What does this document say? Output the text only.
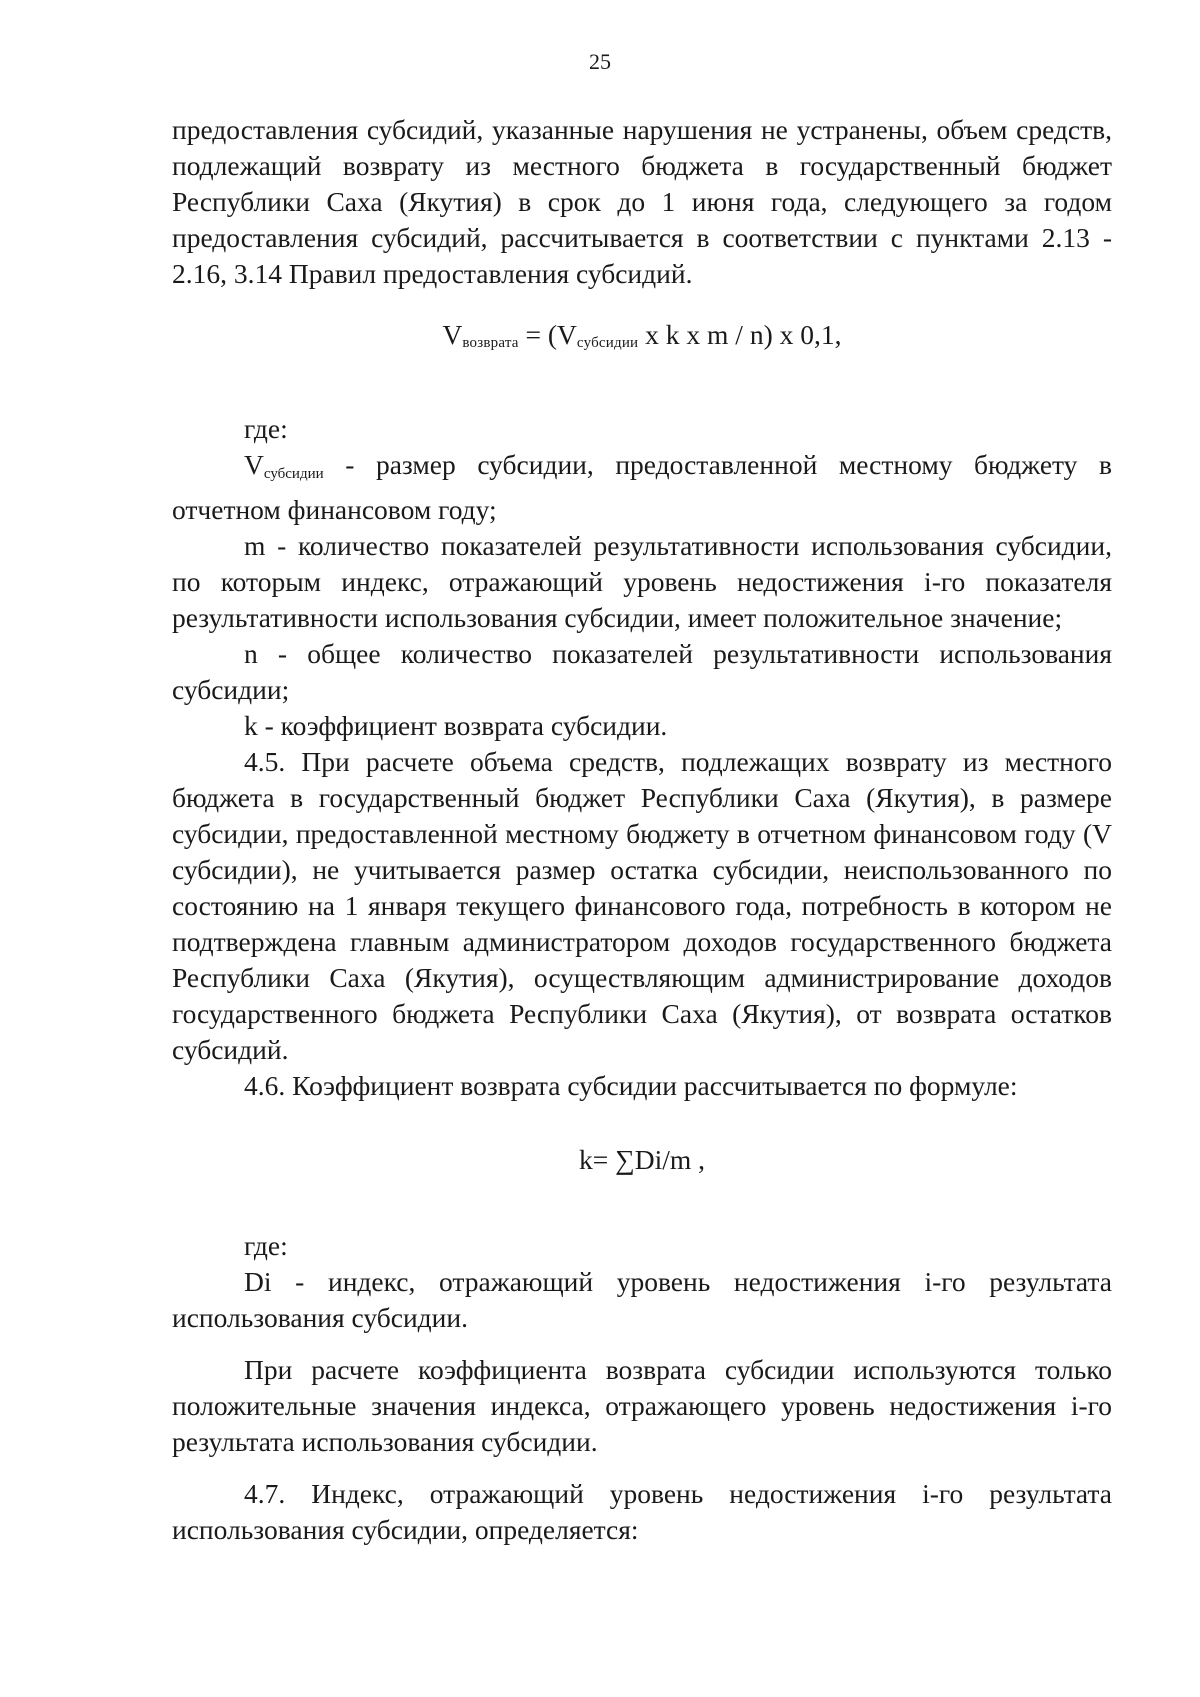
25

предоставления субсидий, указанные нарушения не устранены, объем средств, подлежащий возврату из местного бюджета в государственный бюджет Республики Саха (Якутия) в срок до 1 июня года, следующего за годом предоставления субсидий, рассчитывается в соответствии с пунктами 2.13 - 2.16, 3.14 Правил предоставления субсидий.

$V_{возврата} = (V_{субсидии}$ x k x m / n) x 0,1,

где:

Vсубсидии - размер субсидии, предоставленной местному бюджету в отчетном финансовом году;

m - количество показателей результативности использования субсидии, по которым индекс, отражающий уровень недостижения i-го показателя результативности использования субсидии, имеет положительное значение;

n - общее количество показателей результативности использования субсидии;

k - коэффициент возврата субсидии.

4.5. При расчете объема средств, подлежащих возврату из местного бюджета в государственный бюджет Республики Саха (Якутия), в размере субсидии, предоставленной местному бюджету в отчетном финансовом году (V субсидии), не учитывается размер остатка субсидии, неиспользованного по состоянию на 1 января текущего финансового года, потребность в котором не подтверждена главным администратором доходов государственного бюджета Республики Саха (Якутия), осуществляющим администрирование доходов государственного бюджета Республики Саха (Якутия), от возврата остатков субсидий.

4.6. Коэффициент возврата субсидии рассчитывается по формуле:

k= ∑Di/m ,

где:

Di - индекс, отражающий уровень недостижения i-го результата использования субсидии.

При расчете коэффициента возврата субсидии используются только положительные значения индекса, отражающего уровень недостижения i-го результата использования субсидии.

4.7. Индекс, отражающий уровень недостижения i-го результата использования субсидии, определяется:
